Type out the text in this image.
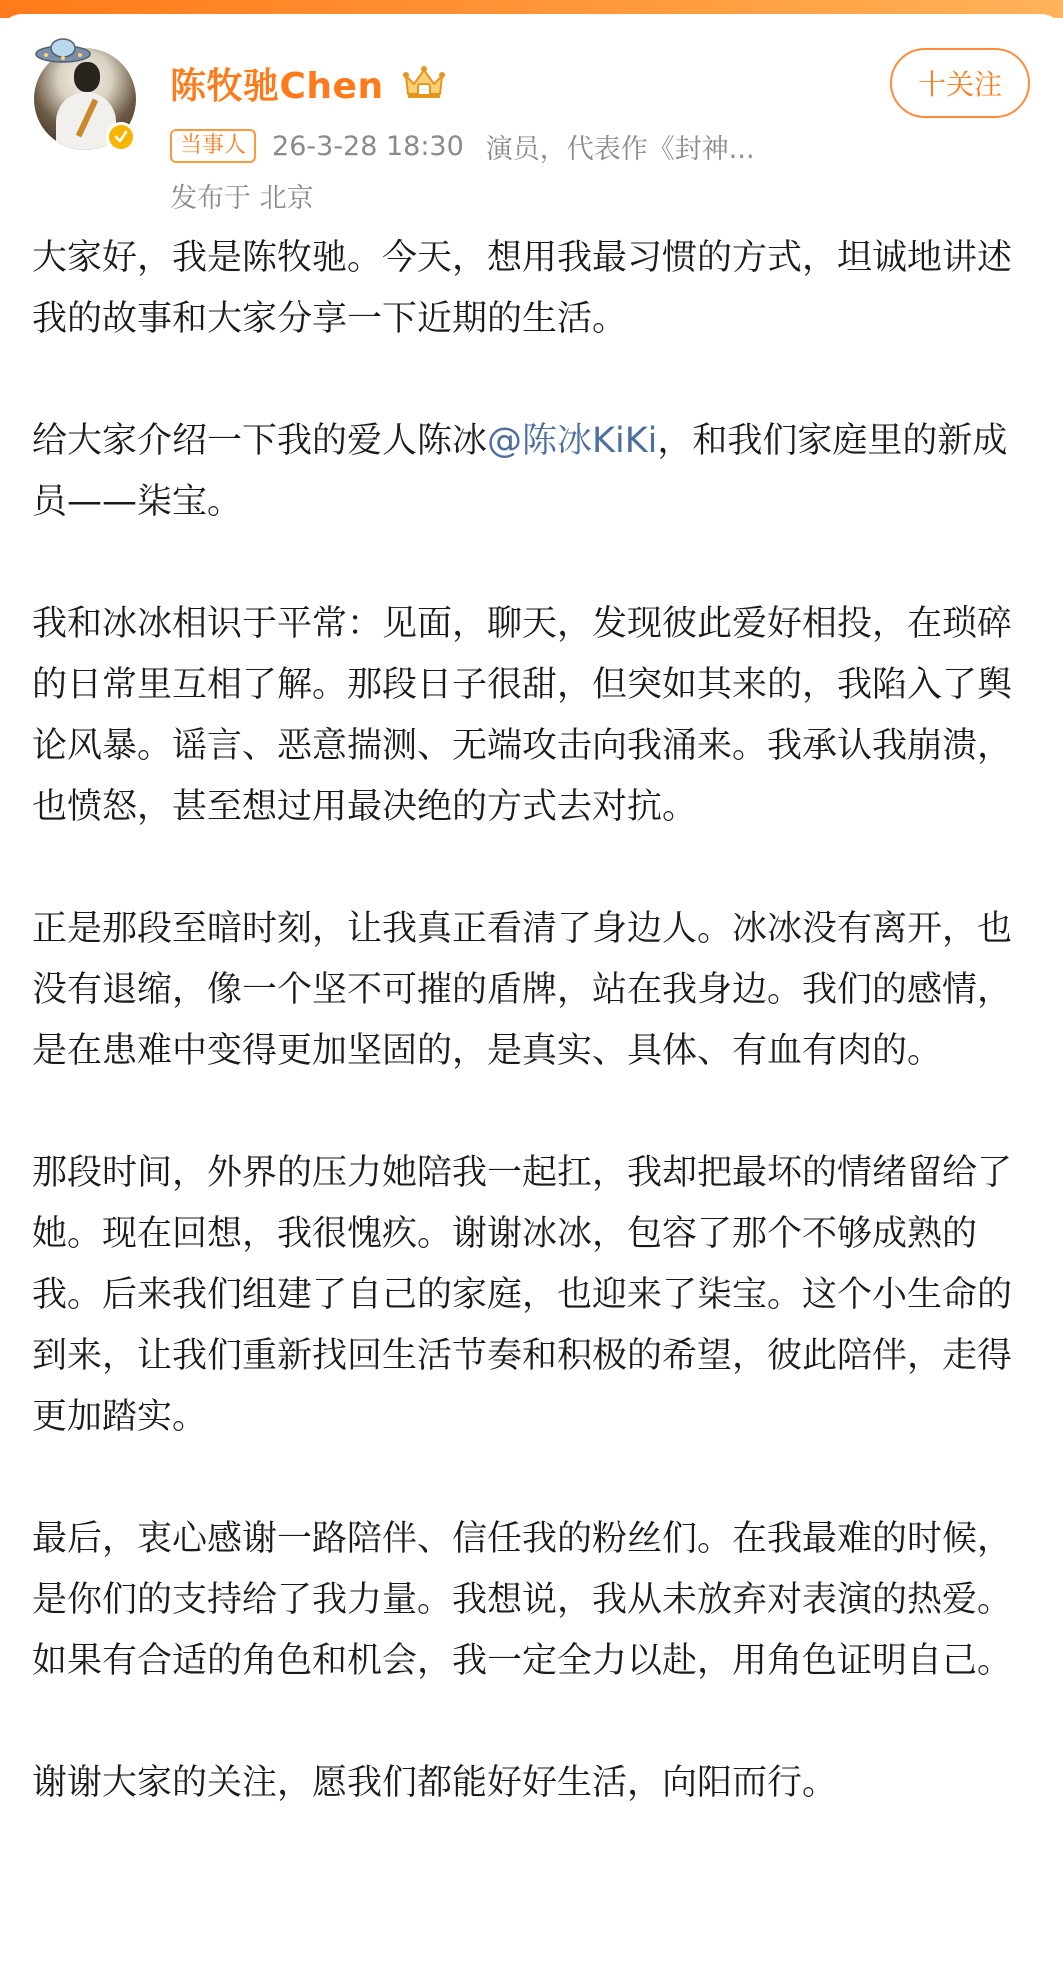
陈牧驰Chen	十关注
当事人 26-3-28 18:30 演员，代表作《封神...
发布于 北京

大家好，我是陈牧驰。今天，想用我最习惯的方式，坦诚地讲述我的故事和大家分享一下近期的生活。

给大家介绍一下我的爱人陈冰@陈冰KiKi，和我们家庭里的新成员——柒宝。

我和冰冰相识于平常：见面，聊天，发现彼此爱好相投，在琐碎的日常里互相了解。那段日子很甜，但突如其来的，我陷入了舆论风暴。谣言、恶意揣测、无端攻击向我涌来。我承认我崩溃，也愤怒，甚至想过用最决绝的方式去对抗。

正是那段至暗时刻，让我真正看清了身边人。冰冰没有离开，也没有退缩，像一个坚不可摧的盾牌，站在我身边。我们的感情，是在患难中变得更加坚固的，是真实、具体、有血有肉的。

那段时间，外界的压力她陪我一起扛，我却把最坏的情绪留给了她。现在回想，我很愧疚。谢谢冰冰，包容了那个不够成熟的我。后来我们组建了自己的家庭，也迎来了柒宝。这个小生命的到来，让我们重新找回生活节奏和积极的希望，彼此陪伴，走得更加踏实。

最后，衷心感谢一路陪伴、信任我的粉丝们。在我最难的时候，是你们的支持给了我力量。我想说，我从未放弃对表演的热爱。如果有合适的角色和机会，我一定全力以赴，用角色证明自己。

谢谢大家的关注，愿我们都能好好生活，向阳而行。
